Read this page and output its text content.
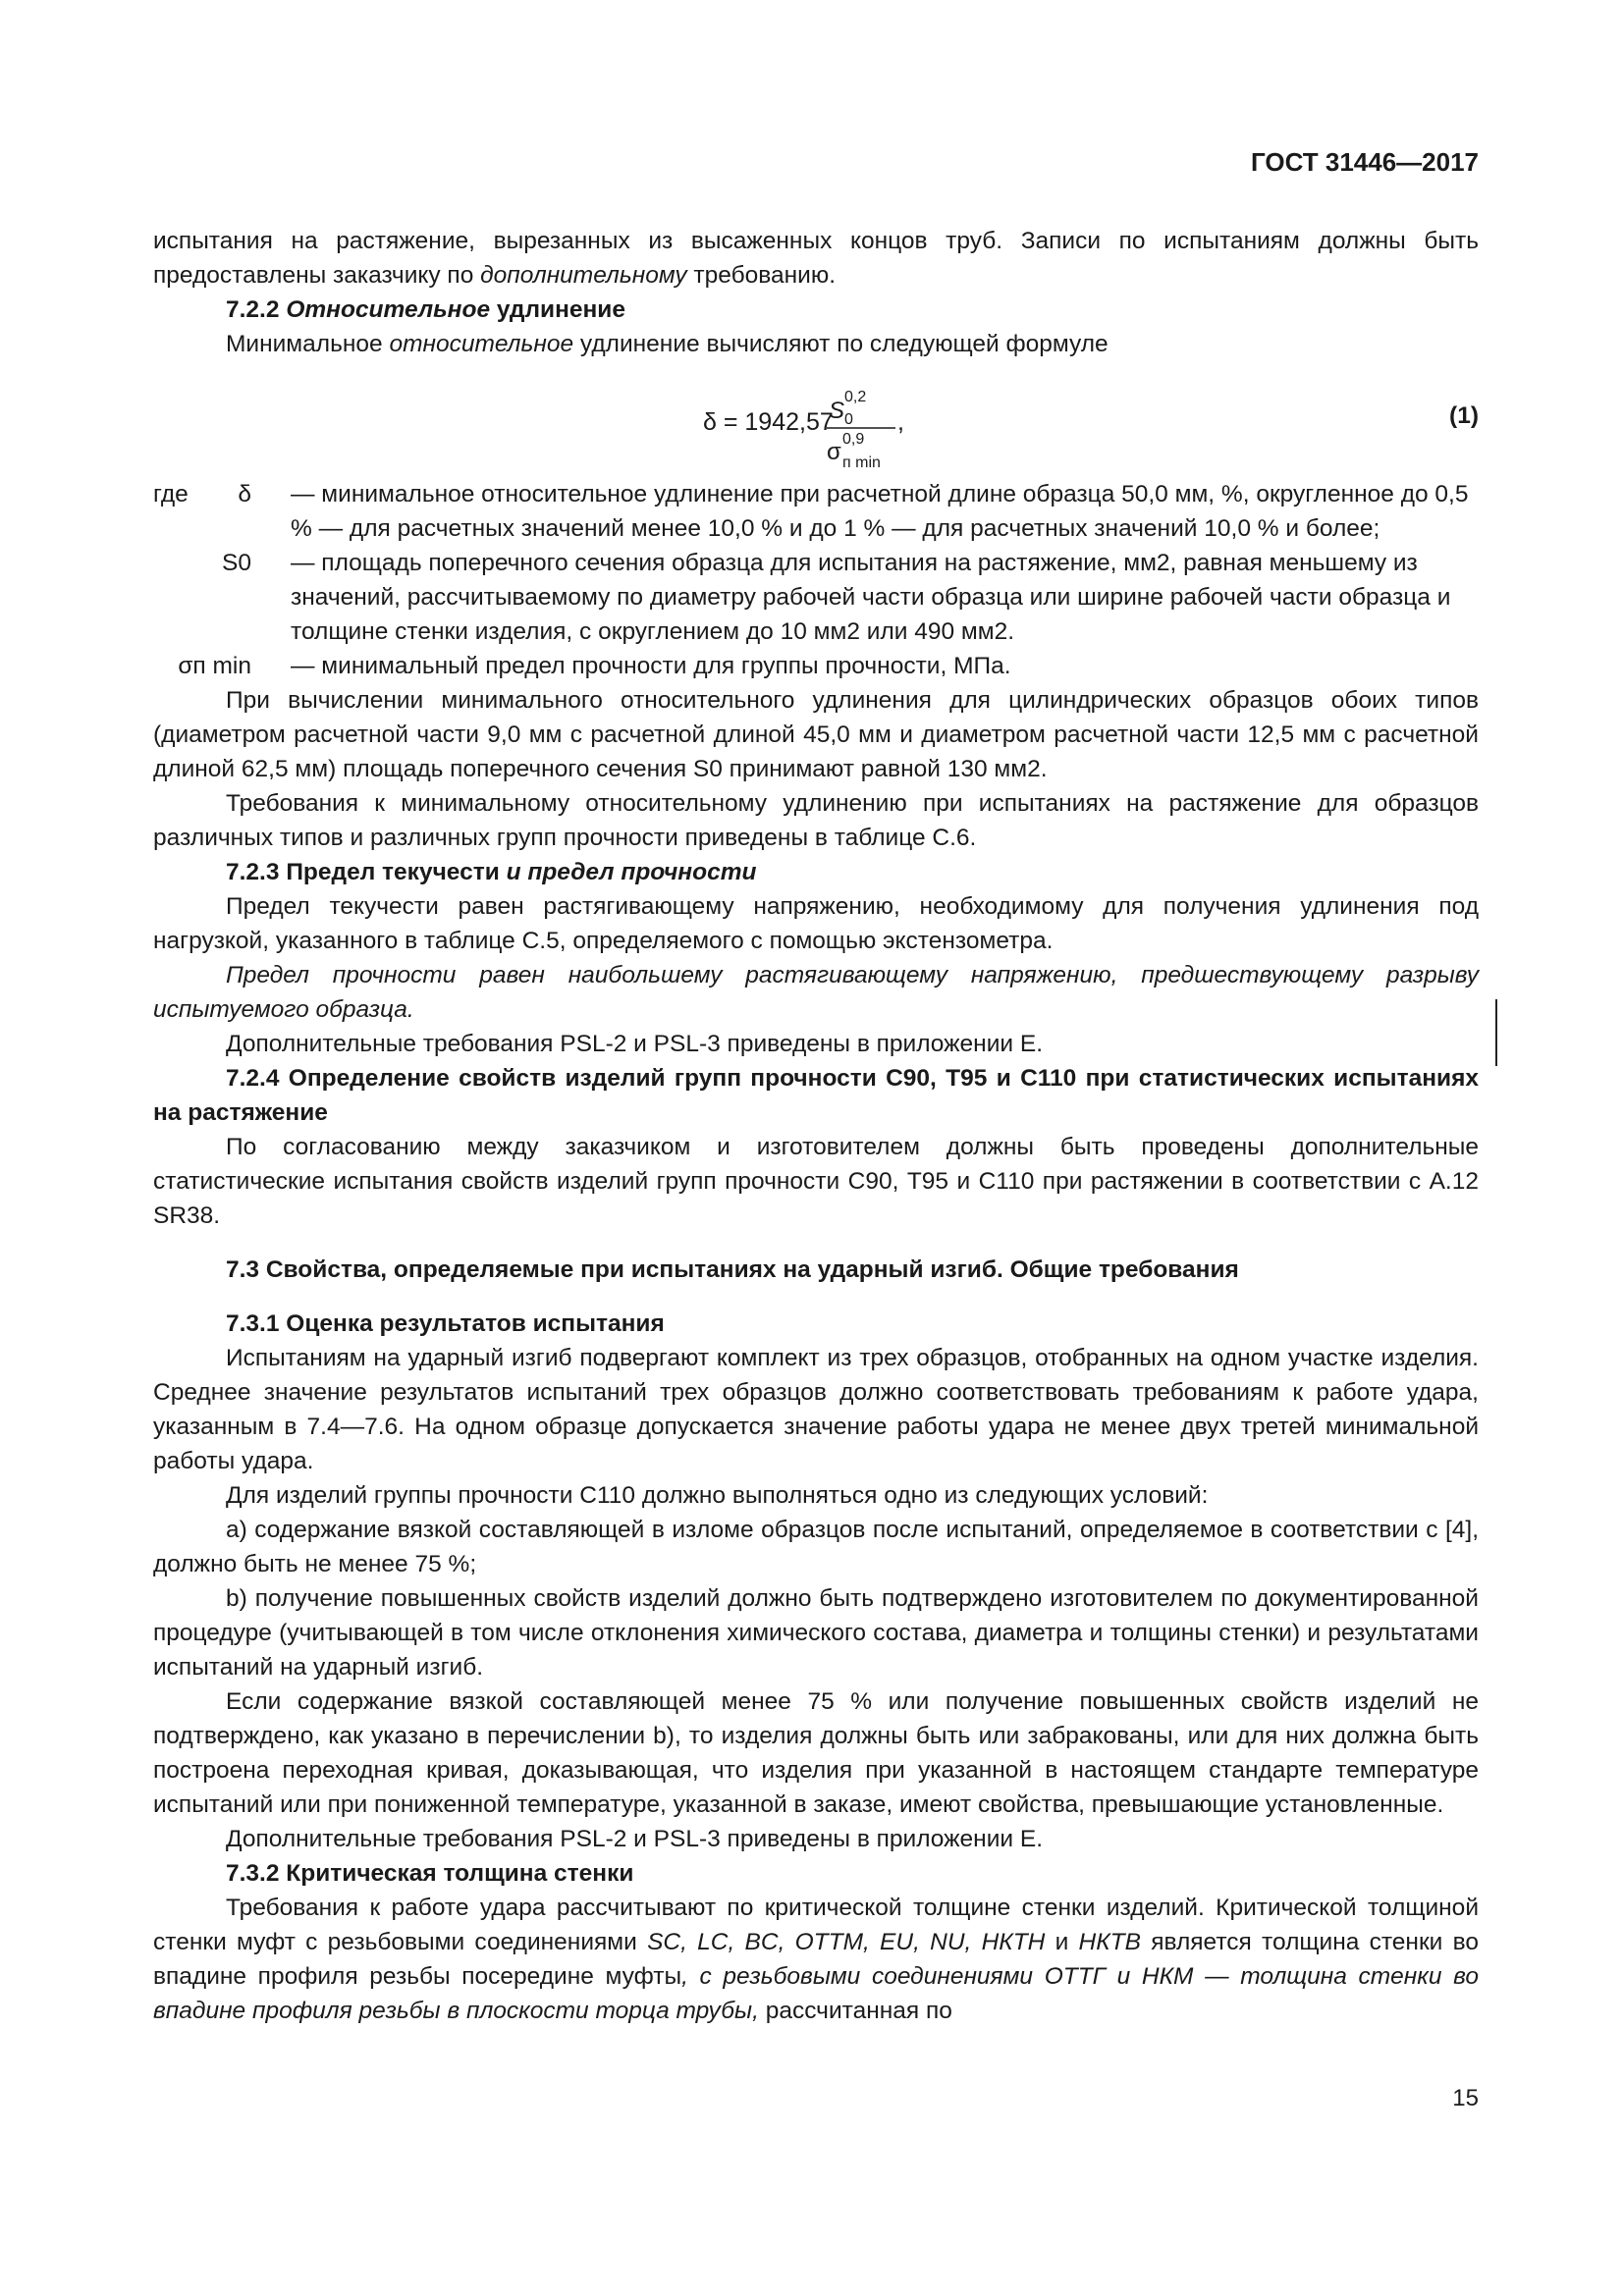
ГОСТ 31446—2017

испытания на растяжение, вырезанных из высаженных концов труб. Записи по испытаниям должны быть предоставлены заказчику по дополнительному требованию.

7.2.2 Относительное удлинение

Минимальное относительное удлинение вычисляют по следующей формуле

δ = 1942,57
S
0,2
0
σ 0,9
п min
,	(1)
где	δ — минимальное относительное удлинение при расчетной длине образца 50,0 мм, %, округленное до 0,5 % — для расчетных значений менее 10,0 % и до 1 % — для расчетных значений 10,0 % и более;
S0 — площадь поперечного сечения образца для испытания на растяжение, мм2, равная меньшему из значений, рассчитываемому по диаметру рабочей части образца или ширине рабочей части образца и толщине стенки изделия, с округлением до 10 мм2 или 490 мм2.
σп min — минимальный предел прочности для группы прочности, МПа.

При вычислении минимального относительного удлинения для цилиндрических образцов обоих типов (диаметром расчетной части 9,0 мм с расчетной длиной 45,0 мм и диаметром расчетной части 12,5 мм с расчетной длиной 62,5 мм) площадь поперечного сечения S0 принимают равной 130 мм2.

Требования к минимальному относительному удлинению при испытаниях на растяжение для образцов различных типов и различных групп прочности приведены в таблице С.6.

7.2.3 Предел текучести и предел прочности

Предел текучести равен растягивающему напряжению, необходимому для получения удлинения под нагрузкой, указанного в таблице С.5, определяемого с помощью экстензометра.

Предел прочности равен наибольшему растягивающему напряжению, предшествующему разрыву испытуемого образца.

Дополнительные требования PSL-2 и PSL-3 приведены в приложении Е.

7.2.4 Определение свойств изделий групп прочности С90, Т95 и С110 при статистических испытаниях на растяжение

По согласованию между заказчиком и изготовителем должны быть проведены дополнительные статистические испытания свойств изделий групп прочности С90, Т95 и С110 при растяжении в соответствии с А.12 SR38.

7.3 Свойства, определяемые при испытаниях на ударный изгиб. Общие требования

7.3.1 Оценка результатов испытания

Испытаниям на ударный изгиб подвергают комплект из трех образцов, отобранных на одном участке изделия. Среднее значение результатов испытаний трех образцов должно соответствовать требованиям к работе удара, указанным в 7.4—7.6. На одном образце допускается значение работы удара не менее двух третей минимальной работы удара.

Для изделий группы прочности С110 должно выполняться одно из следующих условий:

а) содержание вязкой составляющей в изломе образцов после испытаний, определяемое в соответствии с [4], должно быть не менее 75 %;

b) получение повышенных свойств изделий должно быть подтверждено изготовителем по документированной процедуре (учитывающей в том числе отклонения химического состава, диаметра и толщины стенки) и результатами испытаний на ударный изгиб.

Если содержание вязкой составляющей менее 75 % или получение повышенных свойств изделий не подтверждено, как указано в перечислении b), то изделия должны быть или забракованы, или для них должна быть построена переходная кривая, доказывающая, что изделия при указанной в настоящем стандарте температуре испытаний или при пониженной температуре, указанной в заказе, имеют свойства, превышающие установленные.

Дополнительные требования PSL-2 и PSL-3 приведены в приложении Е.

7.3.2 Критическая толщина стенки

Требования к работе удара рассчитывают по критической толщине стенки изделий. Критической толщиной стенки муфт с резьбовыми соединениями SC, LC, BC, OTTM, EU, NU, НКТН и НКТВ является толщина стенки во впадине профиля резьбы посередине муфты, с резьбовыми соединениями ОТТГ и НКМ — толщина стенки во впадине профиля резьбы в плоскости торца трубы, рассчитанная по

15
